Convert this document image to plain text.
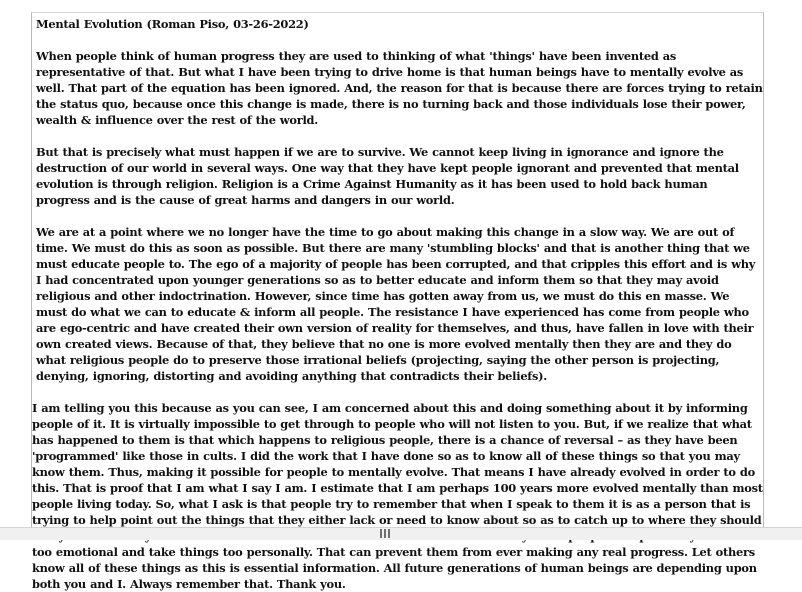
Mental Evolution (Roman Piso, 03-26-2022)

When people think of human progress they are used to thinking of what 'things' have been invented as representative of that. But what I have been trying to drive home is that human beings have to mentally evolve as well. That part of the equation has been ignored. And, the reason for that is because there are forces trying to retain the status quo, because once this change is made, there is no turning back and those individuals lose their power, wealth & influence over the rest of the world.

But that is precisely what must happen if we are to survive. We cannot keep living in ignorance and ignore the destruction of our world in several ways. One way that they have kept people ignorant and prevented that mental evolution is through religion. Religion is a Crime Against Humanity as it has been used to hold back human progress and is the cause of great harms and dangers in our world.

We are at a point where we no longer have the time to go about making this change in a slow way. We are out of time. We must do this as soon as possible. But there are many 'stumbling blocks' and that is another thing that we must educate people to. The ego of a majority of people has been corrupted, and that cripples this effort and is why I had concentrated upon younger generations so as to better educate and inform them so that they may avoid religious and other indoctrination. However, since time has gotten away from us, we must do this en masse. We must do what we can to educate & inform all people. The resistance I have experienced has come from people who are ego-centric and have created their own version of reality for themselves, and thus, have fallen in love with their own created views. Because of that, they believe that no one is more evolved mentally then they are and they do what religious people do to preserve those irrational beliefs (projecting, saying the other person is projecting, denying, ignoring, distorting and avoiding anything that contradicts their beliefs).

I am telling you this because as you can see, I am concerned about this and doing something about it by informing people of it. It is virtually impossible to get through to people who will not listen to you. But, if we realize that what has happened to them is that which happens to religious people, there is a chance of reversal – as they have been 'programmed' like those in cults. I did the work that I have done so as to know all of these things so that you may know them. Thus, making it possible for people to mentally evolve. That means I have already evolved in order to do this. That is proof that I am what I say I am. I estimate that I am perhaps 100 years more evolved mentally than most people living today. So, what I ask is that people try to remember that when I speak to them it is as a person that is trying to help point out the things that they either lack or need to know about so as to catch up to where they should too emotional and take things too personally. That can prevent them from ever making any real progress. Let others know all of these things as this is essential information. All future generations of human beings are depending upon both you and I. Always remember that. Thank you.
